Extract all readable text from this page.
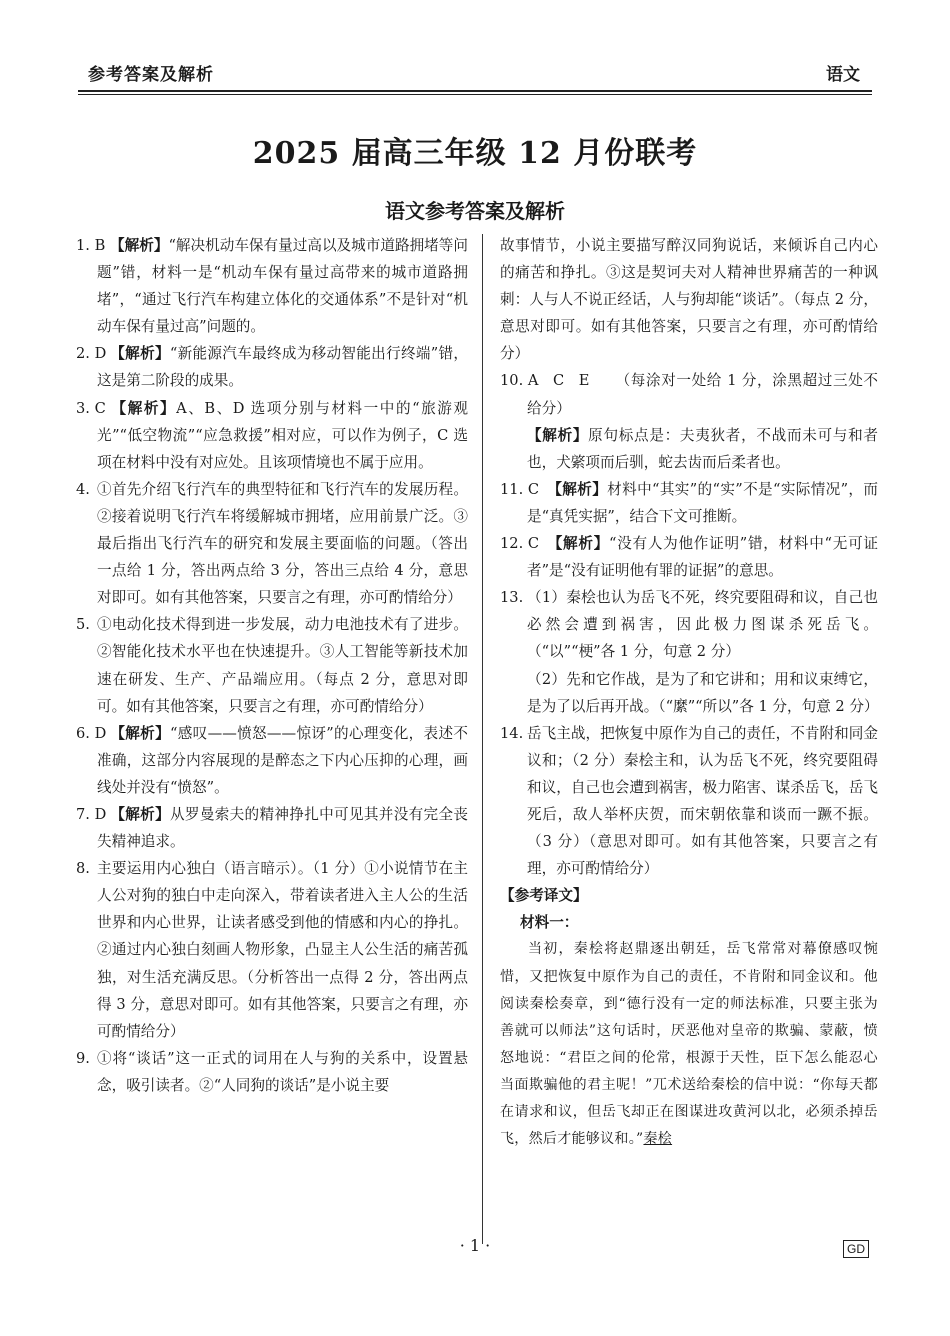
参考答案及解析	语文
2025 届高三年级 12 月份联考
语文参考答案及解析
1. B 【解析】“解决机动车保有量过高以及城市道路拥堵等问题”错，材料一是“机动车保有量过高带来的城市道路拥堵”，“通过飞行汽车构建立体化的交通体系”不是针对“机动车保有量过高”问题的。
2. D 【解析】“新能源汽车最终成为移动智能出行终端”错，这是第二阶段的成果。
3. C 【解析】A、B、D 选项分别与材料一中的“旅游观光”“低空物流”“应急救援”相对应，可以作为例子，C 选项在材料中没有对应处。且该项情境也不属于应用。
4. ①首先介绍飞行汽车的典型特征和飞行汽车的发展历程。②接着说明飞行汽车将缓解城市拥堵，应用前景广泛。③最后指出飞行汽车的研究和发展主要面临的问题。（答出一点给 1 分，答出两点给 3 分，答出三点给 4 分，意思对即可。如有其他答案，只要言之有理，亦可酌情给分）
5. ①电动化技术得到进一步发展，动力电池技术有了进步。②智能化技术水平也在快速提升。③人工智能等新技术加速在研发、生产、产品端应用。（每点 2 分，意思对即可。如有其他答案，只要言之有理，亦可酌情给分）
6. D 【解析】“感叹——愤怒——惊讶”的心理变化，表述不准确，这部分内容展现的是醉态之下内心压抑的心理，画线处并没有“愤怒”。
7. D 【解析】从罗曼索夫的精神挣扎中可见其并没有完全丧失精神追求。
8. 主要运用内心独白（语言暗示）。（1 分）①小说情节在主人公对狗的独白中走向深入，带着读者进入主人公的生活世界和内心世界，让读者感受到他的情感和内心的挣扎。②通过内心独白刻画人物形象，凸显主人公生活的痛苦孤独，对生活充满反思。（分析答出一点得 2 分，答出两点得 3 分，意思对即可。如有其他答案，只要言之有理，亦可酌情给分）
9. ①将“谈话”这一正式的词用在人与狗的关系中，设置悬念，吸引读者。②“人同狗的谈话”是小说主要
故事情节，小说主要描写醉汉同狗说话，来倾诉自己内心的痛苦和挣扎。③这是契诃夫对人精神世界痛苦的一种讽刺：人与人不说正经话，人与狗却能“谈话”。（每点 2 分，意思对即可。如有其他答案，只要言之有理，亦可酌情给分）
10. A　C　E （每涂对一处给 1 分，涂黑超过三处不给分）
【解析】原句标点是：夫夷狄者，不战而未可与和者也，犬綮项而后驯，蛇去齿而后柔者也。
11. C 【解析】材料中“其实”的“实”不是“实际情况”，而是“真凭实据”，结合下文可推断。
12. C 【解析】“没有人为他作证明”错，材料中“无可证者”是“没有证明他有罪的证据”的意思。
13. （1）秦桧也认为岳飞不死，终究要阻碍和议，自己也必然会遭到祸害，因此极力图谋杀死岳飞。（“以”“梗”各 1 分，句意 2 分）
（2）先和它作战，是为了和它讲和；用和议束缚它，是为了以后再开战。（“縻”“所以”各 1 分，句意 2 分）
14. 岳飞主战，把恢复中原作为自己的责任，不肯附和同金议和；（2 分）秦桧主和，认为岳飞不死，终究要阻碍和议，自己也会遭到祸害，极力陷害、谋杀岳飞，岳飞死后，敌人举杯庆贺，而宋朝依靠和谈而一蹶不振。（3 分）（意思对即可。如有其他答案，只要言之有理，亦可酌情给分）
【参考译文】
材料一：
当初，秦桧将赵鼎逐出朝廷，岳飞常常对幕僚感叹惋惜，又把恢复中原作为自己的责任，不肯附和同金议和。他阅读秦桧奏章，到“德行没有一定的师法标准，只要主张为善就可以师法”这句话时，厌恶他对皇帝的欺骗、蒙蔽，愤怒地说：“君臣之间的伦常，根源于天性，臣下怎么能忍心当面欺骗他的君主呢！”兀术送给秦桧的信中说：“你每天都在请求和议，但岳飞却正在图谋进攻黄河以北，必须杀掉岳飞，然后才能够议和。”秦桧
· 1 ·	GD
